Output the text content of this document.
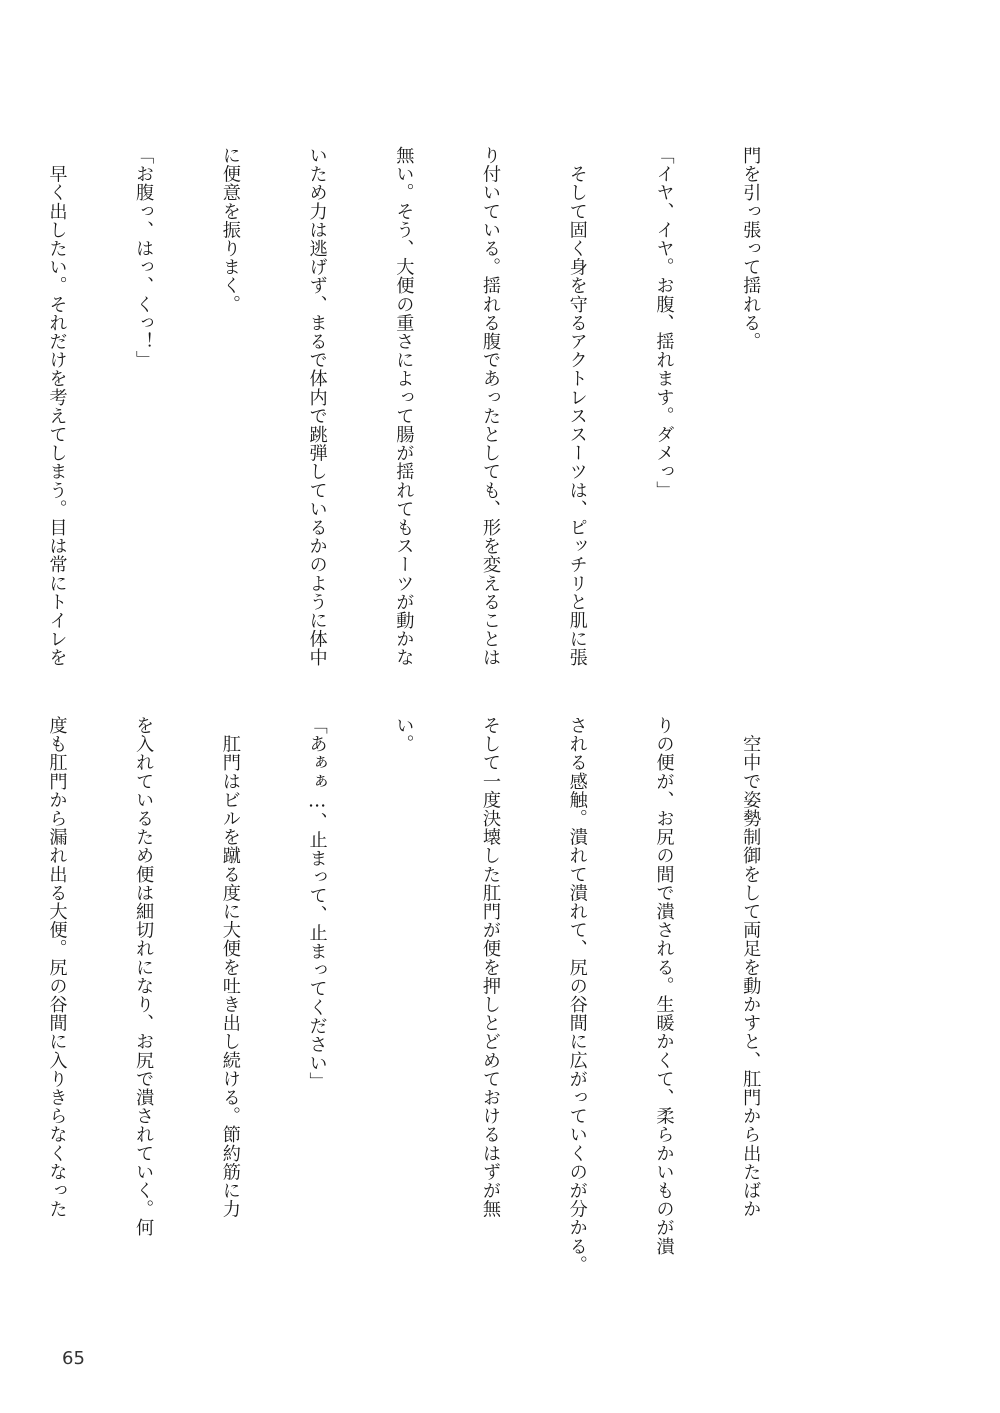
門を引っ張って揺れる。

「イヤ、イヤ。お腹、揺れます。ダメっ」

　そして固く身を守るアクトレススーツは、ピッチリと肌に張

り付いている。揺れる腹であったとしても、形を変えることは

無い。そう、大便の重さによって腸が揺れてもスーツが動かな

いため力は逃げず、まるで体内で跳弾しているかのように体中

に便意を振りまく。

「お腹っ、はっ、くっ！」

　早く出したい。それだけを考えてしまう。目は常にトイレを

　空中で姿勢制御をして両足を動かすと、肛門から出たばか

りの便が、お尻の間で潰される。生暖かくて、柔らかいものが潰

される感触。潰れて潰れて、尻の谷間に広がっていくのが分かる。

そして一度決壊した肛門が便を押しとどめておけるはずが無

い。

「あぁぁ…、止まって、止まってください」

　肛門はビルを蹴る度に大便を吐き出し続ける。節約筋に力

を入れているため便は細切れになり、お尻で潰されていく。何

度も肛門から漏れ出る大便。尻の谷間に入りきらなくなった

65
